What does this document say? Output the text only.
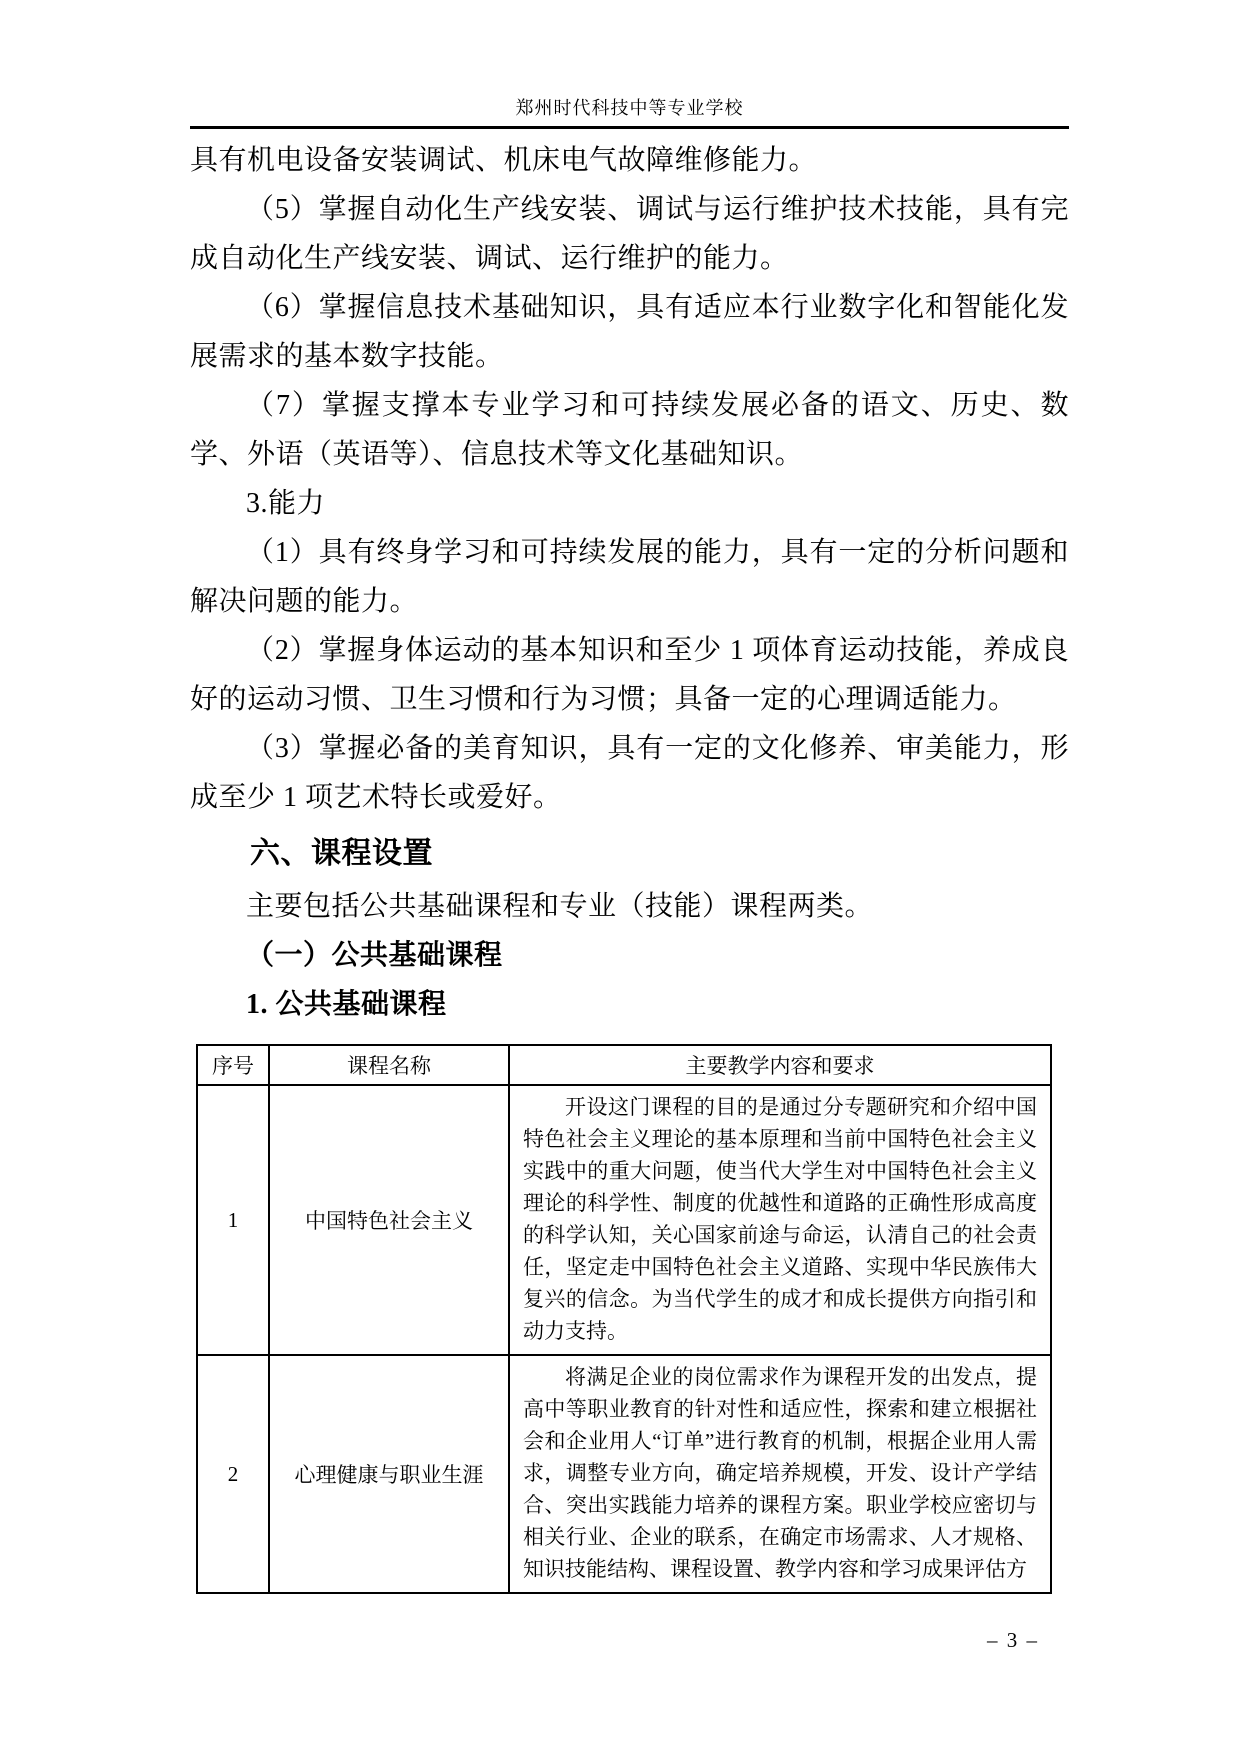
郑州时代科技中等专业学校

具有机电设备安装调试、机床电气故障维修能力。

（5）掌握自动化生产线安装、调试与运行维护技术技能，具有完成自动化生产线安装、调试、运行维护的能力。

（6）掌握信息技术基础知识，具有适应本行业数字化和智能化发展需求的基本数字技能。

（7）掌握支撑本专业学习和可持续发展必备的语文、历史、数学、外语（英语等）、信息技术等文化基础知识。

3.能力

（1）具有终身学习和可持续发展的能力，具有一定的分析问题和解决问题的能力。

（2）掌握身体运动的基本知识和至少 1 项体育运动技能，养成良好的运动习惯、卫生习惯和行为习惯；具备一定的心理调适能力。

（3）掌握必备的美育知识，具有一定的文化修养、审美能力，形成至少 1 项艺术特长或爱好。

六、课程设置

主要包括公共基础课程和专业（技能）课程两类。

（一）公共基础课程

1. 公共基础课程

序号	课程名称	主要教学内容和要求
1	中国特色社会主义	开设这门课程的目的是通过分专题研究和介绍中国特色社会主义理论的基本原理和当前中国特色社会主义实践中的重大问题，使当代大学生对中国特色社会主义理论的科学性、制度的优越性和道路的正确性形成高度的科学认知，关心国家前途与命运，认清自己的社会责任，坚定走中国特色社会主义道路、实现中华民族伟大复兴的信念。为当代学生的成才和成长提供方向指引和动力支持。

2	心理健康与职业生涯	将满足企业的岗位需求作为课程开发的出发点，提高中等职业教育的针对性和适应性，探索和建立根据社会和企业用人“订单”进行教育的机制，根据企业用人需求，调整专业方向，确定培养规模，开发、设计产学结合、突出实践能力培养的课程方案。职业学校应密切与相关行业、企业的联系，在确定市场需求、人才规格、知识技能结构、课程设置、教学内容和学习成果评估方

– 3 –
